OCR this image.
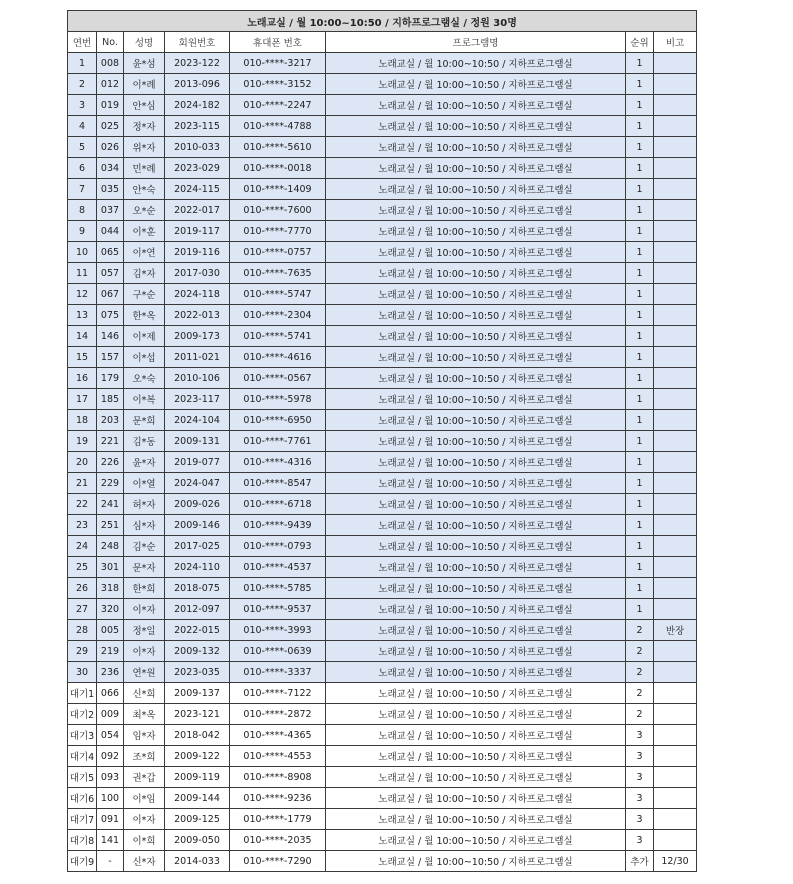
노래교실 / 월 10:00~10:50 / 지하프로그램실 / 정원 30명							
연번	No.	성명	회원번호	휴대폰 번호	프로그램명	순위	비고
1	008	윤*섬	2023-122	010-****-3217	노래교실 / 월 10:00~10:50 / 지하프로그램실	1	
2	012	이*례	2013-096	010-****-3152	노래교실 / 월 10:00~10:50 / 지하프로그램실	1	
3	019	안*심	2024-182	010-****-2247	노래교실 / 월 10:00~10:50 / 지하프로그램실	1	
4	025	정*자	2023-115	010-****-4788	노래교실 / 월 10:00~10:50 / 지하프로그램실	1	
5	026	위*자	2010-033	010-****-5610	노래교실 / 월 10:00~10:50 / 지하프로그램실	1	
6	034	민*례	2023-029	010-****-0018	노래교실 / 월 10:00~10:50 / 지하프로그램실	1	
7	035	안*숙	2024-115	010-****-1409	노래교실 / 월 10:00~10:50 / 지하프로그램실	1	
8	037	오*순	2022-017	010-****-7600	노래교실 / 월 10:00~10:50 / 지하프로그램실	1	
9	044	이*훈	2019-117	010-****-7770	노래교실 / 월 10:00~10:50 / 지하프로그램실	1	
10	065	이*연	2019-116	010-****-0757	노래교실 / 월 10:00~10:50 / 지하프로그램실	1	
11	057	김*자	2017-030	010-****-7635	노래교실 / 월 10:00~10:50 / 지하프로그램실	1	
12	067	구*순	2024-118	010-****-5747	노래교실 / 월 10:00~10:50 / 지하프로그램실	1	
13	075	한*옥	2022-013	010-****-2304	노래교실 / 월 10:00~10:50 / 지하프로그램실	1	
14	146	이*제	2009-173	010-****-5741	노래교실 / 월 10:00~10:50 / 지하프로그램실	1	
15	157	이*섭	2011-021	010-****-4616	노래교실 / 월 10:00~10:50 / 지하프로그램실	1	
16	179	오*숙	2010-106	010-****-0567	노래교실 / 월 10:00~10:50 / 지하프로그램실	1	
17	185	이*복	2023-117	010-****-5978	노래교실 / 월 10:00~10:50 / 지하프로그램실	1	
18	203	문*희	2024-104	010-****-6950	노래교실 / 월 10:00~10:50 / 지하프로그램실	1	
19	221	김*동	2009-131	010-****-7761	노래교실 / 월 10:00~10:50 / 지하프로그램실	1	
20	226	윤*자	2019-077	010-****-4316	노래교실 / 월 10:00~10:50 / 지하프로그램실	1	
21	229	이*열	2024-047	010-****-8547	노래교실 / 월 10:00~10:50 / 지하프로그램실	1	
22	241	허*자	2009-026	010-****-6718	노래교실 / 월 10:00~10:50 / 지하프로그램실	1	
23	251	심*자	2009-146	010-****-9439	노래교실 / 월 10:00~10:50 / 지하프로그램실	1	
24	248	김*순	2017-025	010-****-0793	노래교실 / 월 10:00~10:50 / 지하프로그램실	1	
25	301	문*자	2024-110	010-****-4537	노래교실 / 월 10:00~10:50 / 지하프로그램실	1	
26	318	한*희	2018-075	010-****-5785	노래교실 / 월 10:00~10:50 / 지하프로그램실	1	
27	320	이*자	2012-097	010-****-9537	노래교실 / 월 10:00~10:50 / 지하프로그램실	1	
28	005	정*일	2022-015	010-****-3993	노래교실 / 월 10:00~10:50 / 지하프로그램실	2	반장
29	219	이*자	2009-132	010-****-0639	노래교실 / 월 10:00~10:50 / 지하프로그램실	2	
30	236	연*원	2023-035	010-****-3337	노래교실 / 월 10:00~10:50 / 지하프로그램실	2	
대기1	066	신*희	2009-137	010-****-7122	노래교실 / 월 10:00~10:50 / 지하프로그램실	2	
대기2	009	최*옥	2023-121	010-****-2872	노래교실 / 월 10:00~10:50 / 지하프로그램실	2	
대기3	054	임*자	2018-042	010-****-4365	노래교실 / 월 10:00~10:50 / 지하프로그램실	3	
대기4	092	조*희	2009-122	010-****-4553	노래교실 / 월 10:00~10:50 / 지하프로그램실	3	
대기5	093	권*갑	2009-119	010-****-8908	노래교실 / 월 10:00~10:50 / 지하프로그램실	3	
대기6	100	이*임	2009-144	010-****-9236	노래교실 / 월 10:00~10:50 / 지하프로그램실	3	
대기7	091	이*자	2009-125	010-****-1779	노래교실 / 월 10:00~10:50 / 지하프로그램실	3	
대기8	141	이*희	2009-050	010-****-2035	노래교실 / 월 10:00~10:50 / 지하프로그램실	3	
대기9	-	신*자	2014-033	010-****-7290	노래교실 / 월 10:00~10:50 / 지하프로그램실	추가	12/30
